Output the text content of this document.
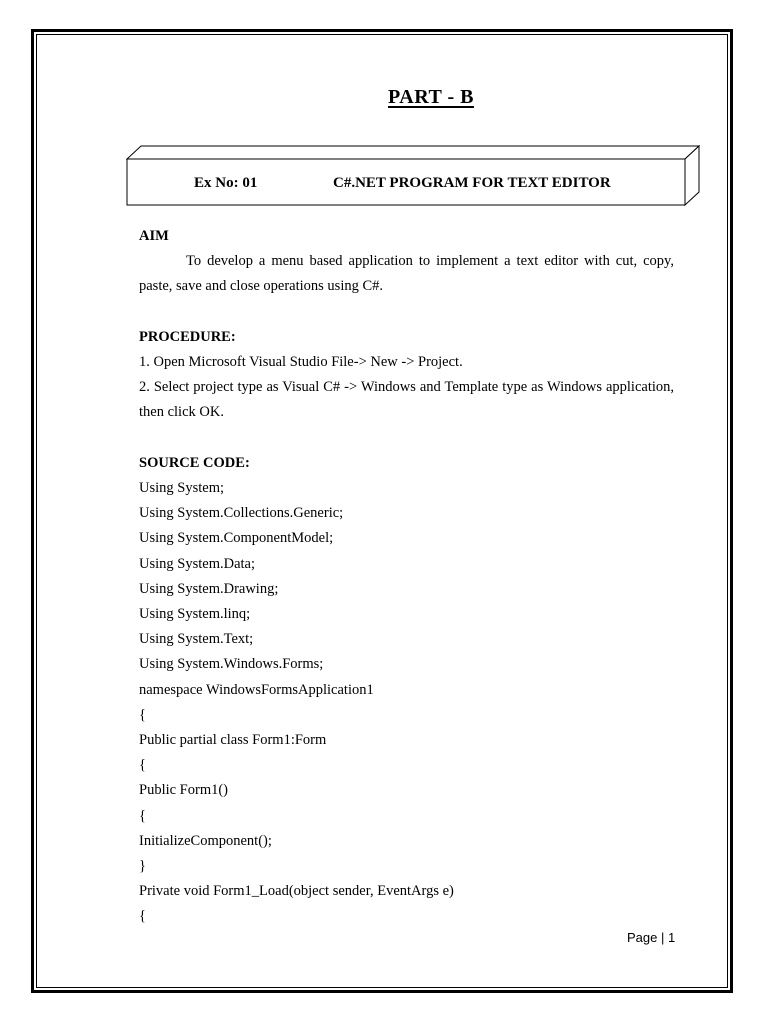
PART - B
Ex No: 01	C#.NET PROGRAM FOR TEXT EDITOR

AIM

To develop a menu based application to implement a text editor with cut, copy, paste, save and close operations using C#.

PROCEDURE:

1. Open Microsoft Visual Studio File-> New -> Project.

2. Select project type as Visual C# -> Windows and Template type as Windows application, then click OK.

SOURCE CODE:

Using System;

Using System.Collections.Generic;

Using System.ComponentModel;

Using System.Data;

Using System.Drawing;

Using System.linq;

Using System.Text;

Using System.Windows.Forms;

namespace WindowsFormsApplication1

{

Public partial class Form1:Form

{

Public Form1()

{

InitializeComponent();

}

Private void Form1_Load(object sender, EventArgs e)

{

Page | 1
